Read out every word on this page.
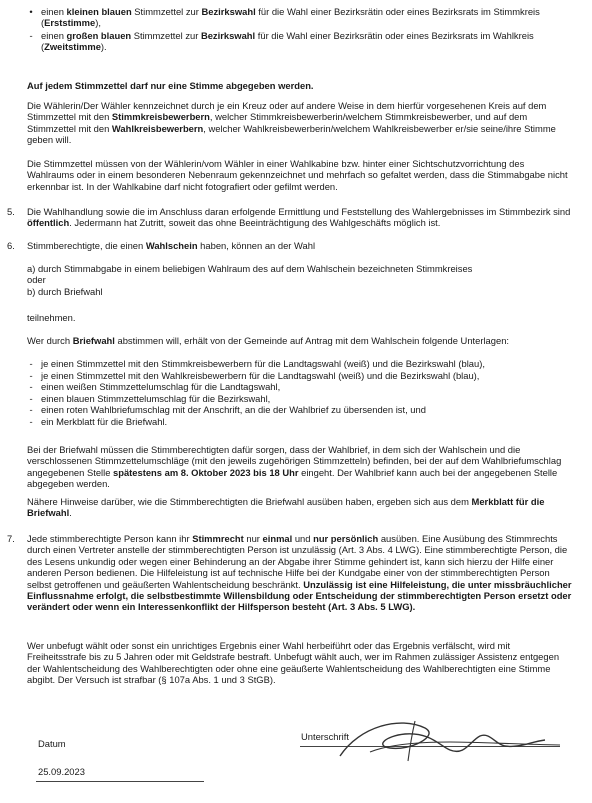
• einen kleinen blauen Stimmzettel zur Bezirkswahl für die Wahl einer Bezirksrätin oder eines Bezirksrats im Stimmkreis (Erststimme),
- einen großen blauen Stimmzettel zur Bezirkswahl für die Wahl einer Bezirksrätin oder eines Bezirksrats im Wahlkreis (Zweitstimme).

Auf jedem Stimmzettel darf nur eine Stimme abgegeben werden.

Die Wählerin/Der Wähler kennzeichnet durch je ein Kreuz oder auf andere Weise in dem hierfür vorgesehenen Kreis auf dem Stimmzettel mit den Stimmkreisbewerbern, welcher Stimmkreisbewerberin/welchem Stimmkreisbewerber, und auf dem Stimmzettel mit den Wahlkreisbewerbern, welcher Wahlkreisbewerberin/welchem Wahlkreisbewerber er/sie seine/ihre Stimme geben will.

Die Stimmzettel müssen von der Wählerin/vom Wähler in einer Wahlkabine bzw. hinter einer Sichtschutzvorrichtung des Wahlraums oder in einem besonderen Nebenraum gekennzeichnet und mehrfach so gefaltet werden, dass die Stimmabgabe nicht erkennbar ist. In der Wahlkabine darf nicht fotografiert oder gefilmt werden.

5.	Die Wahlhandlung sowie die im Anschluss daran erfolgende Ermittlung und Feststellung des Wahlergebnisses im Stimmbezirk sind öffentlich. Jedermann hat Zutritt, soweit das ohne Beeinträchtigung des Wahlgeschäfts möglich ist.

6.	Stimmberechtigte, die einen Wahlschein haben, können an der Wahl

a) durch Stimmabgabe in einem beliebigen Wahlraum des auf dem Wahlschein bezeichneten Stimmkreises

oder

b) durch Briefwahl

teilnehmen.

Wer durch Briefwahl abstimmen will, erhält von der Gemeinde auf Antrag mit dem Wahlschein folgende Unterlagen:

- je einen Stimmzettel mit den Stimmkreisbewerbern für die Landtagswahl (weiß) und die Bezirkswahl (blau),
- je einen Stimmzettel mit den Wahlkreisbewerbern für die Landtagswahl (weiß) und die Bezirkswahl (blau),
- einen weißen Stimmzettelumschlag für die Landtagswahl,
- einen blauen Stimmzettelumschlag für die Bezirkswahl,
- einen roten Wahlbriefumschlag mit der Anschrift, an die der Wahlbrief zu übersenden ist, und
- ein Merkblatt für die Briefwahl.

Bei der Briefwahl müssen die Stimmberechtigten dafür sorgen, dass der Wahlbrief, in dem sich der Wahlschein und die verschlossenen Stimmzettelumschläge (mit den jeweils zugehörigen Stimmzetteln) befinden, bei der auf dem Wahlbriefumschlag angegebenen Stelle spätestens am 8. Oktober 2023 bis 18 Uhr eingeht. Der Wahlbrief kann auch bei der angegebenen Stelle abgegeben werden.

Nähere Hinweise darüber, wie die Stimmberechtigten die Briefwahl ausüben haben, ergeben sich aus dem Merkblatt für die Briefwahl.

7.	Jede stimmberechtigte Person kann ihr Stimmrecht nur einmal und nur persönlich ausüben. Eine Ausübung des Stimmrechts durch einen Vertreter anstelle der stimmberechtigten Person ist unzulässig (Art. 3 Abs. 4 LWG). Eine stimmberechtigte Person, die des Lesens unkundig oder wegen einer Behinderung an der Abgabe ihrer Stimme gehindert ist, kann sich hierzu der Hilfe einer anderen Person bedienen. Die Hilfeleistung ist auf technische Hilfe bei der Kundgabe einer von der stimmberechtigten Person selbst getroffenen und geäußerten Wahlentscheidung beschränkt. Unzulässig ist eine Hilfeleistung, die unter missbräuchlicher Einflussnahme erfolgt, die selbstbestimmte Willensbildung oder Entscheidung der stimmberechtigten Person ersetzt oder verändert oder wenn ein Interessenkonflikt der Hilfsperson besteht (Art. 3 Abs. 5 LWG).

Wer unbefugt wählt oder sonst ein unrichtiges Ergebnis einer Wahl herbeiführt oder das Ergebnis verfälscht, wird mit Freiheitsstrafe bis zu 5 Jahren oder mit Geldstrafe bestraft. Unbefugt wählt auch, wer im Rahmen zulässiger Assistenz entgegen der Wahlentscheidung des Wahlberechtigten oder ohne eine geäußerte Wahlentscheidung des Wahlberechtigten eine Stimme abgibt. Der Versuch ist strafbar (§ 107a Abs. 1 und 3 StGB).

Datum
25.09.2023
Unterschrift
